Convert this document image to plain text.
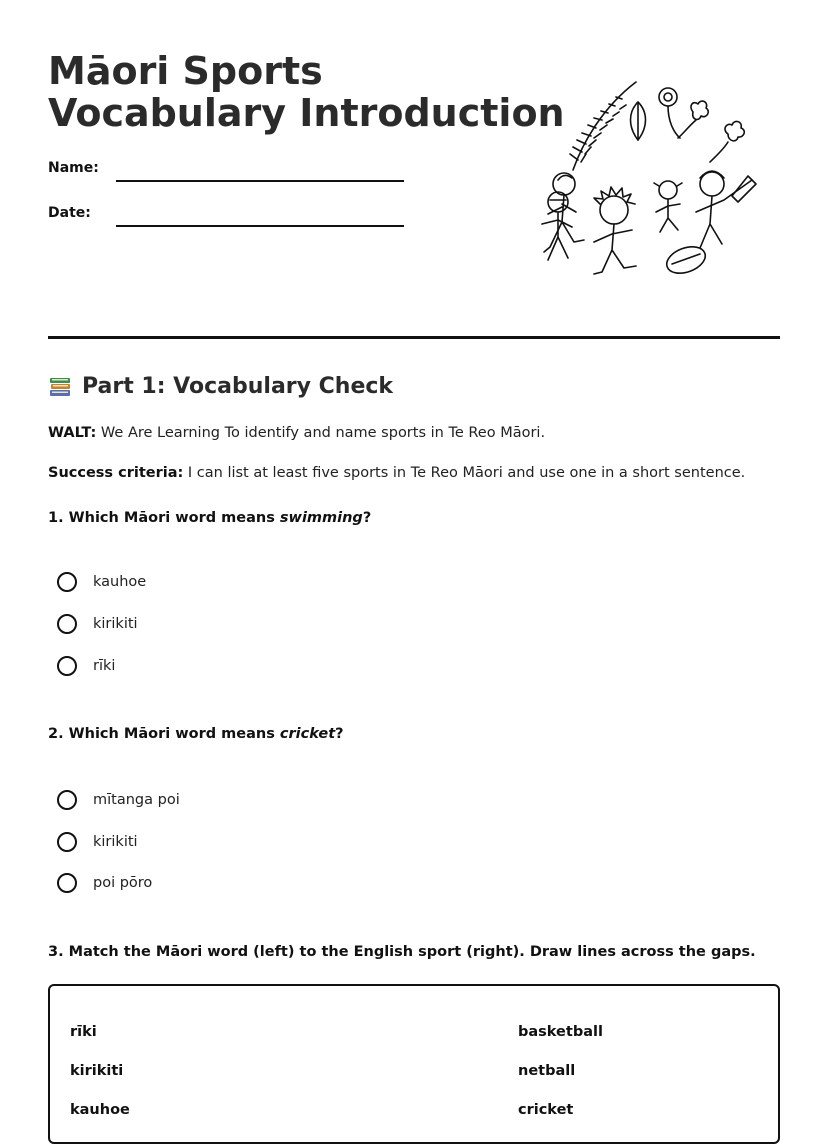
Māori Sports
Vocabulary Introduction
Name:
Date:
Part 1: Vocabulary Check
WALT: We Are Learning To identify and name sports in Te Reo Māori.
Success criteria: I can list at least five sports in Te Reo Māori and use one in a short sentence.
1. Which Māori word means swimming?
kauhoe
kirikiti
rīki
2. Which Māori word means cricket?
mītanga poi
kirikiti
poi pōro
3. Match the Māori word (left) to the English sport (right). Draw lines across the gaps.
rīki
kirikiti
kauhoe
basketball
netball
cricket
